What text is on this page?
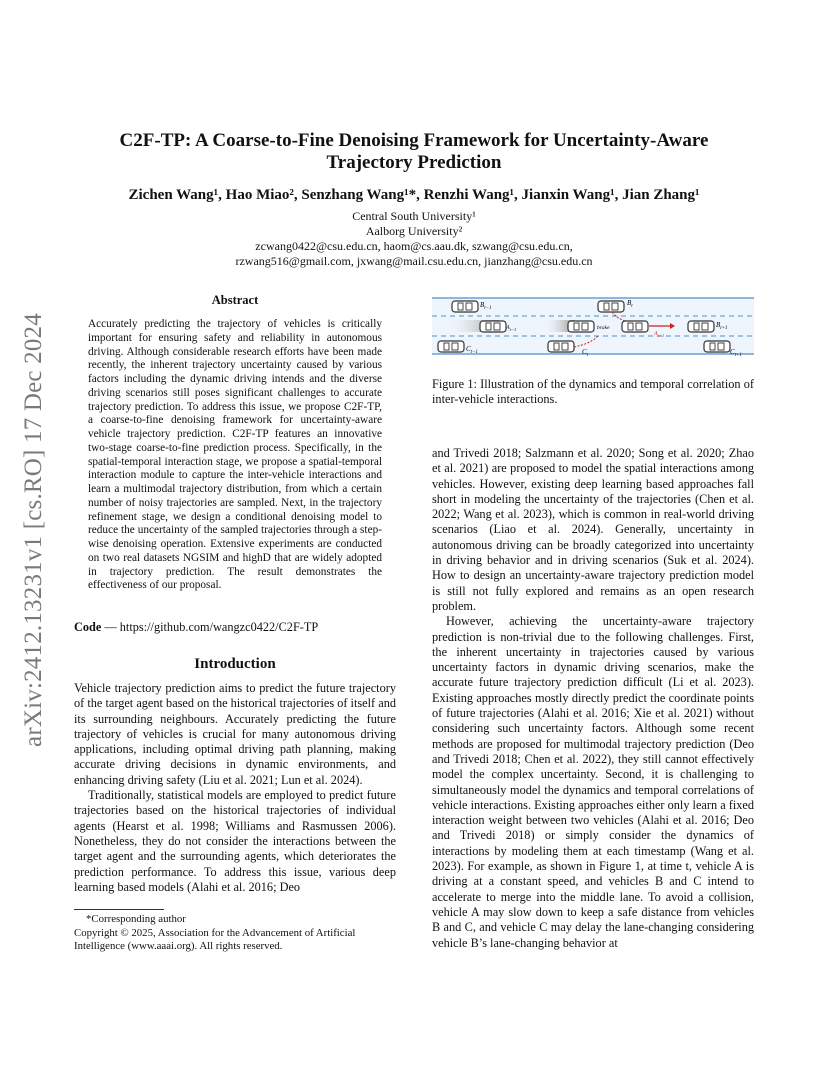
arXiv:2412.13231v1 [cs.RO] 17 Dec 2024
C2F-TP: A Coarse-to-Fine Denoising Framework for Uncertainty-Aware Trajectory Prediction
Zichen Wang¹, Hao Miao², Senzhang Wang¹*, Renzhi Wang¹, Jianxin Wang¹, Jian Zhang¹
Central South University¹
Aalborg University²
zcwang0422@csu.edu.cn, haom@cs.aau.dk, szwang@csu.edu.cn,
rzwang516@gmail.com, jxwang@mail.csu.edu.cn, jianzhang@csu.edu.cn
Abstract
Accurately predicting the trajectory of vehicles is critically important for ensuring safety and reliability in autonomous driving. Although considerable research efforts have been made recently, the inherent trajectory uncertainty caused by various factors including the dynamic driving intends and the diverse driving scenarios still poses significant challenges to accurate trajectory prediction. To address this issue, we propose C2F-TP, a coarse-to-fine denoising framework for uncertainty-aware vehicle trajectory prediction. C2F-TP features an innovative two-stage coarse-to-fine prediction process. Specifically, in the spatial-temporal interaction stage, we propose a spatial-temporal interaction module to capture the inter-vehicle interactions and learn a multimodal trajectory distribution, from which a certain number of noisy trajectories are sampled. Next, in the trajectory refinement stage, we design a conditional denoising model to reduce the uncertainty of the sampled trajectories through a step-wise denoising operation. Extensive experiments are conducted on two real datasets NGSIM and highD that are widely adopted in trajectory prediction. The result demonstrates the effectiveness of our proposal.
Code — https://github.com/wangzc0422/C2F-TP
Introduction

Vehicle trajectory prediction aims to predict the future trajectory of the target agent based on the historical trajectories of itself and its surrounding neighbours. Accurately predicting the future trajectory of vehicles is crucial for many autonomous driving applications, including optimal driving path planning, making accurate driving decisions in dynamic environments, and enhancing driving safety (Liu et al. 2021; Lun et al. 2024).

Traditionally, statistical models are employed to predict future trajectories based on the historical trajectories of individual agents (Hearst et al. 1998; Williams and Rasmussen 2006). Nonetheless, they do not consider the interactions between the target agent and the surrounding agents, which deteriorates the prediction performance. To address this issue, various deep learning based models (Alahi et al. 2016; Deo

*Corresponding author
Copyright © 2025, Association for the Advancement of Artificial Intelligence (www.aaai.org). All rights reserved.
$B_{t-1}$
$B_t$
$A_{t-1}$	brake
$A_{t+1}$
$B_{t+1}$
$C_{t-1}$	$C_t$	$C_{t+1}$
Figure 1: Illustration of the dynamics and temporal correlation of inter-vehicle interactions.

and Trivedi 2018; Salzmann et al. 2020; Song et al. 2020; Zhao et al. 2021) are proposed to model the spatial interactions among vehicles. However, existing deep learning based approaches fall short in modeling the uncertainty of the trajectories (Chen et al. 2022; Wang et al. 2023), which is common in real-world driving scenarios (Liao et al. 2024). Generally, uncertainty in autonomous driving can be broadly categorized into uncertainty in driving behavior and in driving scenarios (Suk et al. 2024). How to design an uncertainty-aware trajectory prediction model is still not fully explored and remains as an open research problem.

However, achieving the uncertainty-aware trajectory prediction is non-trivial due to the following challenges. First, the inherent uncertainty in trajectories caused by various uncertainty factors in dynamic driving scenarios, make the accurate future trajectory prediction difficult (Li et al. 2023). Existing approaches mostly directly predict the coordinate points of future trajectories (Alahi et al. 2016; Xie et al. 2021) without considering such uncertainty factors. Although some recent methods are proposed for multimodal trajectory prediction (Deo and Trivedi 2018; Chen et al. 2022), they still cannot effectively model the complex uncertainty. Second, it is challenging to simultaneously model the dynamics and temporal correlations of vehicle interactions. Existing approaches either only learn a fixed interaction weight between two vehicles (Alahi et al. 2016; Deo and Trivedi 2018) or simply consider the dynamics of interactions by modeling them at each timestamp (Wang et al. 2023). For example, as shown in Figure 1, at time t, vehicle A is driving at a constant speed, and vehicles B and C intend to accelerate to merge into the middle lane. To avoid a collision, vehicle A may slow down to keep a safe distance from vehicles B and C, and vehicle C may delay the lane-changing considering vehicle B’s lane-changing behavior at
